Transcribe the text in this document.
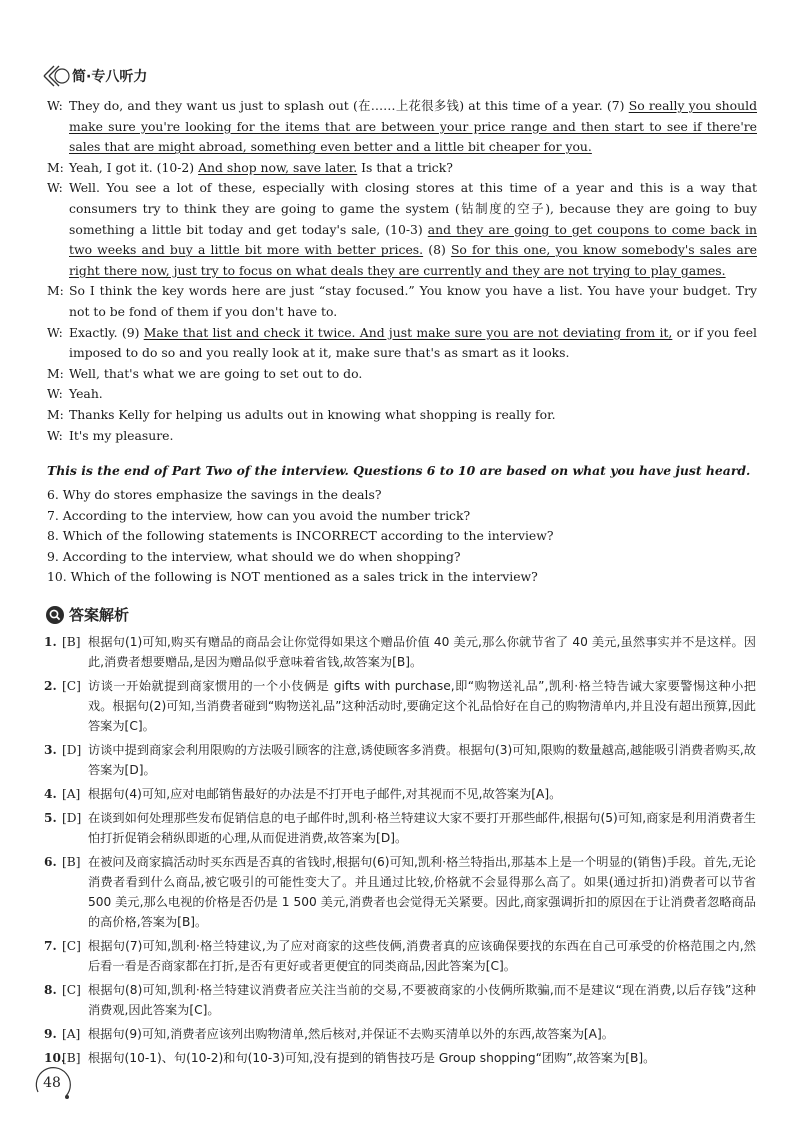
简·专八听力
W: They do, and they want us just to splash out (在……上花很多钱) at this time of a year. (7) So really you should make sure you're looking for the items that are between your price range and then start to see if there're sales that are might abroad, something even better and a little bit cheaper for you.
M: Yeah, I got it. (10-2) And shop now, save later. Is that a trick?
W: Well. You see a lot of these, especially with closing stores at this time of a year and this is a way that consumers try to think they are going to game the system (钻制度的空子), because they are going to buy something a little bit today and get today's sale, (10-3) and they are going to get coupons to come back in two weeks and buy a little bit more with better prices. (8) So for this one, you know somebody's sales are right there now, just try to focus on what deals they are currently and they are not trying to play games.
M: So I think the key words here are just “stay focused.” You know you have a list. You have your budget. Try not to be fond of them if you don't have to.
W: Exactly. (9) Make that list and check it twice. And just make sure you are not deviating from it, or if you feel imposed to do so and you really look at it, make sure that's as smart as it looks.
M: Well, that's what we are going to set out to do.
W: Yeah.
M: Thanks Kelly for helping us adults out in knowing what shopping is really for.
W: It's my pleasure.
This is the end of Part Two of the interview. Questions 6 to 10 are based on what you have just heard.
6. Why do stores emphasize the savings in the deals?
7. According to the interview, how can you avoid the number trick?
8. Which of the following statements is INCORRECT according to the interview?
9. According to the interview, what should we do when shopping?
10. Which of the following is NOT mentioned as a sales trick in the interview?
答案解析
1. [B] 根据句(1)可知,购买有赠品的商品会让你觉得如果这个赠品价值 40 美元,那么你就节省了 40 美元,虽然事实并不是这样。因此,消费者想要赠品,是因为赠品似乎意味着省钱,故答案为[B]。
2. [C] 访谈一开始就提到商家惯用的一个小伎俩是 gifts with purchase,即“购物送礼品”,凯利·格兰特告诫大家要警惕这种小把戏。根据句(2)可知,当消费者碰到“购物送礼品”这种活动时,要确定这个礼品恰好在自己的购物清单内,并且没有超出预算,因此答案为[C]。
3. [D] 访谈中提到商家会利用限购的方法吸引顾客的注意,诱使顾客多消费。根据句(3)可知,限购的数量越高,越能吸引消费者购买,故答案为[D]。
4. [A] 根据句(4)可知,应对电邮销售最好的办法是不打开电子邮件,对其视而不见,故答案为[A]。
5. [D] 在谈到如何处理那些发布促销信息的电子邮件时,凯利·格兰特建议大家不要打开那些邮件,根据句(5)可知,商家是利用消费者生怕打折促销会稍纵即逝的心理,从而促进消费,故答案为[D]。
6. [B] 在被问及商家搞活动时买东西是否真的省钱时,根据句(6)可知,凯利·格兰特指出,那基本上是一个明显的(销售)手段。首先,无论消费者看到什么商品,被它吸引的可能性变大了。并且通过比较,价格就不会显得那么高了。如果(通过折扣)消费者可以节省 500 美元,那么电视的价格是否仍是 1 500 美元,消费者也会觉得无关紧要。因此,商家强调折扣的原因在于让消费者忽略商品的高价格,答案为[B]。
7. [C] 根据句(7)可知,凯利·格兰特建议,为了应对商家的这些伎俩,消费者真的应该确保要找的东西在自己可承受的价格范围之内,然后看一看是否商家都在打折,是否有更好或者更便宜的同类商品,因此答案为[C]。
8. [C] 根据句(8)可知,凯利·格兰特建议消费者应关注当前的交易,不要被商家的小伎俩所欺骗,而不是建议“现在消费,以后存钱”这种消费观,因此答案为[C]。
9. [A] 根据句(9)可知,消费者应该列出购物清单,然后核对,并保证不去购买清单以外的东西,故答案为[A]。
10.
[B] 根据句(10-1)、句(10-2)和句(10-3)可知,没有提到的销售技巧是 Group shopping“团购”,故答案为[B]。
48
